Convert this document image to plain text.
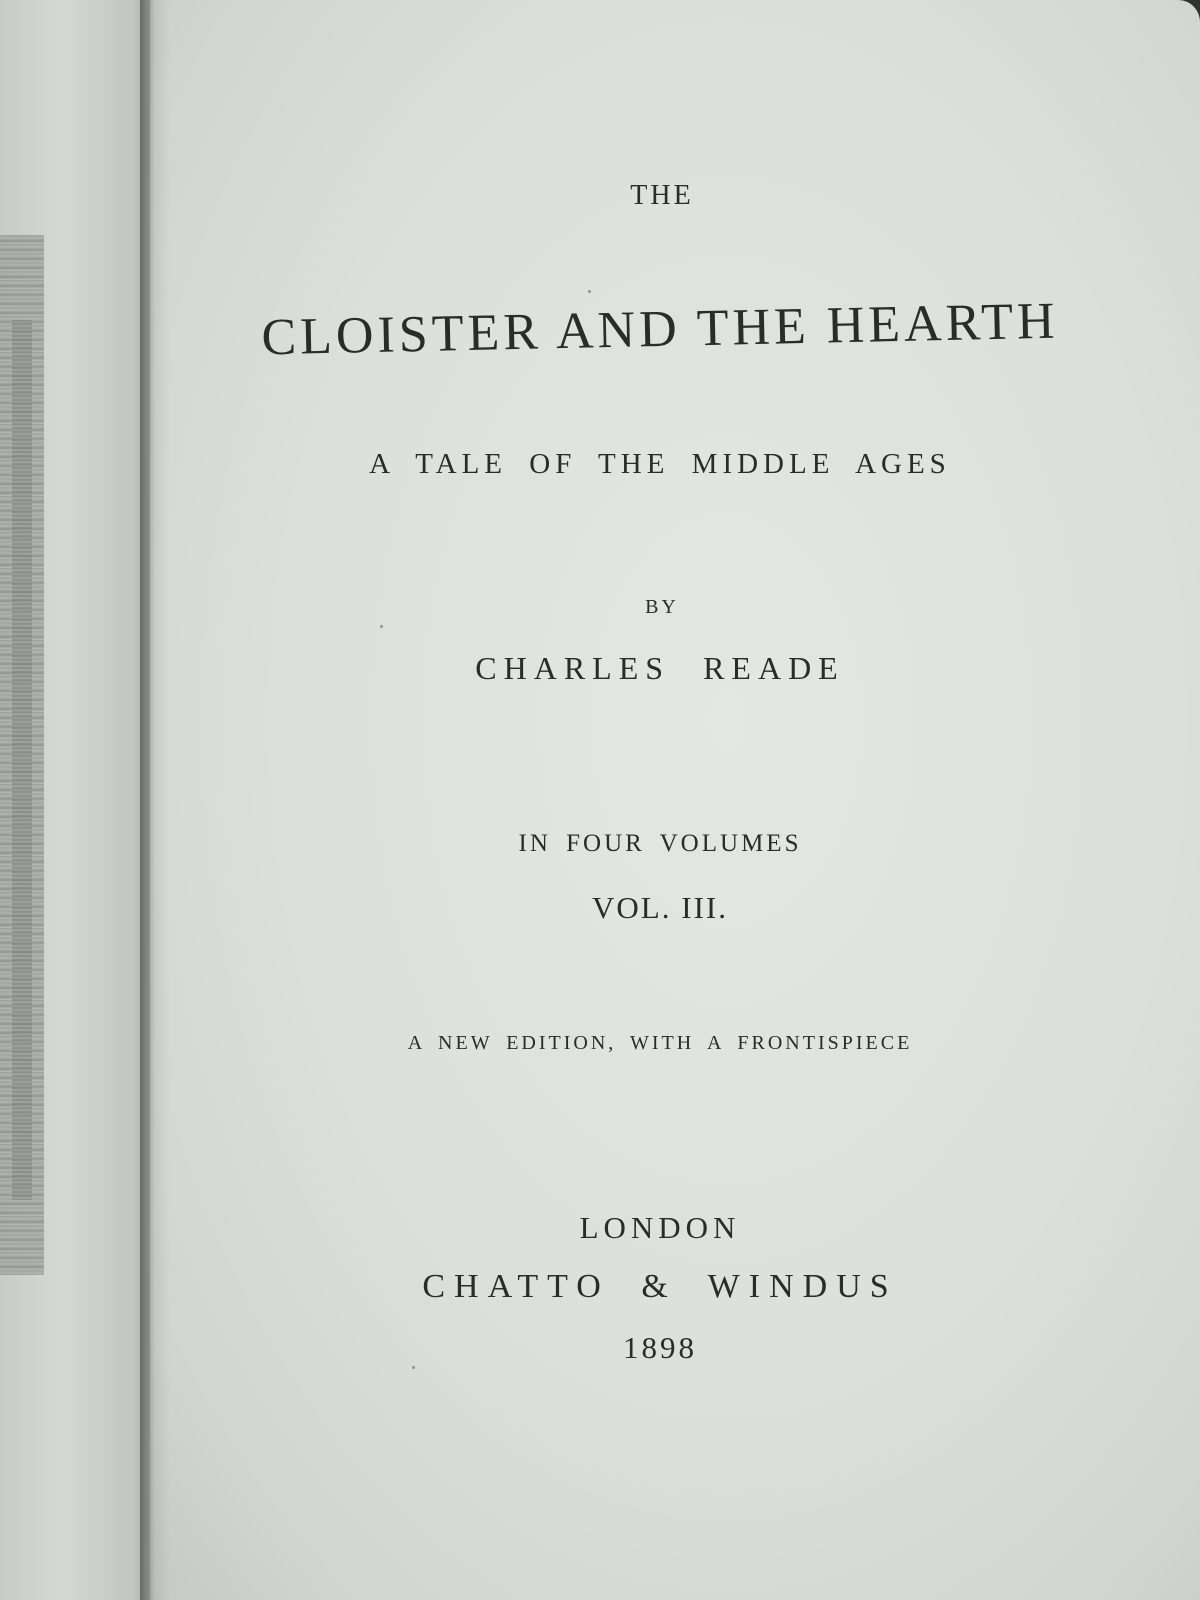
THE

CLOISTER AND THE HEARTH

A TALE OF THE MIDDLE AGES

BY

CHARLES READE

IN FOUR VOLUMES

VOL. III.

A NEW EDITION, WITH A FRONTISPIECE

LONDON

CHATTO & WINDUS

1898
